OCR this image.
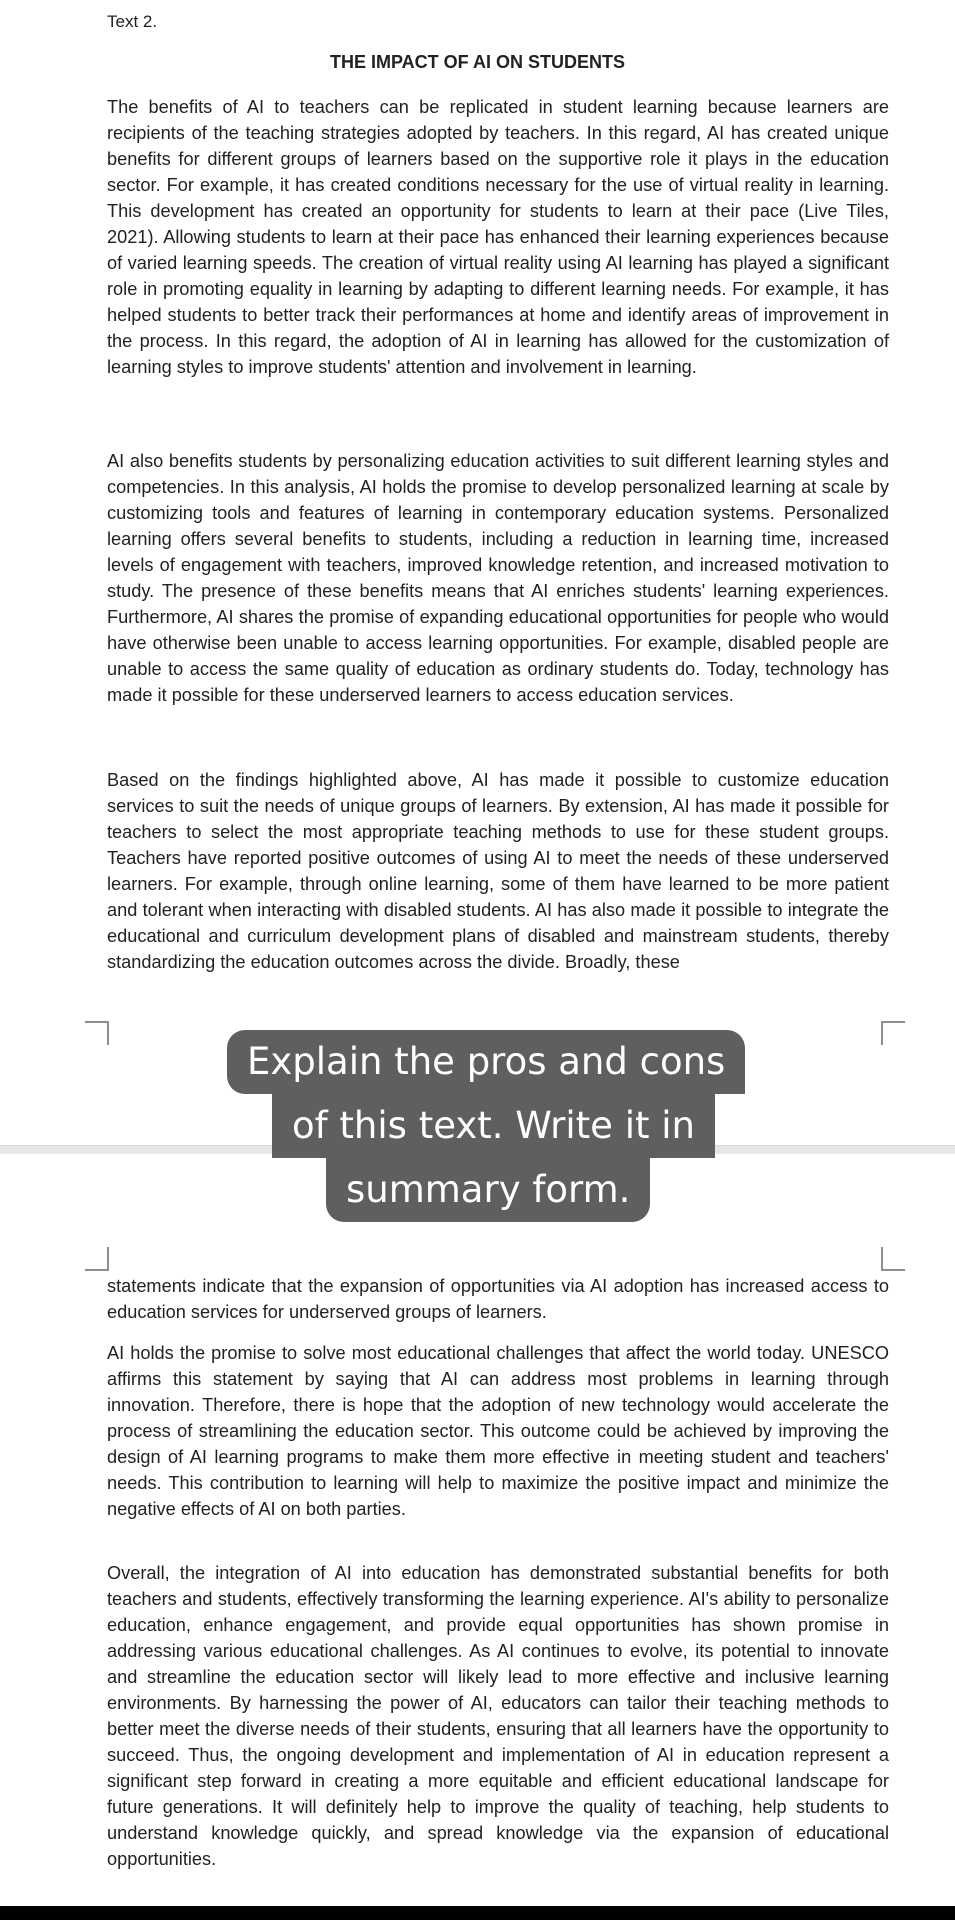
Text 2.
THE IMPACT OF AI ON STUDENTS

The benefits of AI to teachers can be replicated in student learning because learners are recipients of the teaching strategies adopted by teachers. In this regard, AI has created unique benefits for different groups of learners based on the supportive role it plays in the education sector. For example, it has created conditions necessary for the use of virtual reality in learning. This development has created an opportunity for students to learn at their pace (Live Tiles, 2021). Allowing students to learn at their pace has enhanced their learning experiences because of varied learning speeds. The creation of virtual reality using AI learning has played a significant role in promoting equality in learning by adapting to different learning needs. For example, it has helped students to better track their performances at home and identify areas of improvement in the process. In this regard, the adoption of AI in learning has allowed for the customization of learning styles to improve students' attention and involvement in learning.

AI also benefits students by personalizing education activities to suit different learning styles and competencies. In this analysis, AI holds the promise to develop personalized learning at scale by customizing tools and features of learning in contemporary education systems. Personalized learning offers several benefits to students, including a reduction in learning time, increased levels of engagement with teachers, improved knowledge retention, and increased motivation to study. The presence of these benefits means that AI enriches students' learning experiences. Furthermore, AI shares the promise of expanding educational opportunities for people who would have otherwise been unable to access learning opportunities. For example, disabled people are unable to access the same quality of education as ordinary students do. Today, technology has made it possible for these underserved learners to access education services.

Based on the findings highlighted above, AI has made it possible to customize education services to suit the needs of unique groups of learners. By extension, AI has made it possible for teachers to select the most appropriate teaching methods to use for these student groups. Teachers have reported positive outcomes of using AI to meet the needs of these underserved learners. For example, through online learning, some of them have learned to be more patient and tolerant when interacting with disabled students. AI has also made it possible to integrate the educational and curriculum development plans of disabled and mainstream students, thereby standardizing the education outcomes across the divide. Broadly, these

statements indicate that the expansion of opportunities via AI adoption has increased access to education services for underserved groups of learners.

AI holds the promise to solve most educational challenges that affect the world today. UNESCO affirms this statement by saying that AI can address most problems in learning through innovation. Therefore, there is hope that the adoption of new technology would accelerate the process of streamlining the education sector. This outcome could be achieved by improving the design of AI learning programs to make them more effective in meeting student and teachers' needs. This contribution to learning will help to maximize the positive impact and minimize the negative effects of AI on both parties.

Overall, the integration of AI into education has demonstrated substantial benefits for both teachers and students, effectively transforming the learning experience. AI's ability to personalize education, enhance engagement, and provide equal opportunities has shown promise in addressing various educational challenges. As AI continues to evolve, its potential to innovate and streamline the education sector will likely lead to more effective and inclusive learning environments. By harnessing the power of AI, educators can tailor their teaching methods to better meet the diverse needs of their students, ensuring that all learners have the opportunity to succeed. Thus, the ongoing development and implementation of AI in education represent a significant step forward in creating a more equitable and efficient educational landscape for future generations. It will definitely help to improve the quality of teaching, help students to understand knowledge quickly, and spread knowledge via the expansion of educational opportunities.

Explain the pros and cons
of this text. Write it in
summary form.
